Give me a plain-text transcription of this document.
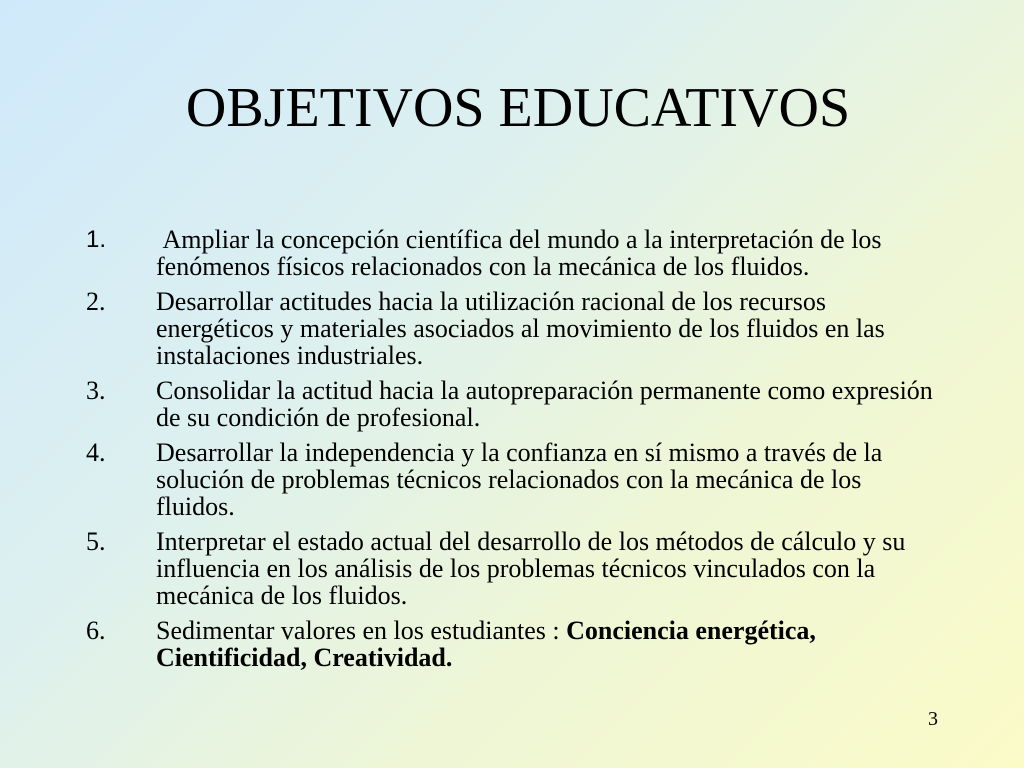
OBJETIVOS EDUCATIVOS
1. Ampliar la concepción científica del mundo a la interpretación de los fenómenos físicos relacionados con la mecánica de los fluidos.
2. Desarrollar actitudes hacia la utilización racional de los recursos energéticos y materiales asociados al movimiento de los fluidos en las instalaciones industriales.
3. Consolidar la actitud hacia la autopreparación permanente como expresión de su condición de profesional.
4. Desarrollar la independencia y la confianza en sí mismo a través de la solución de problemas técnicos relacionados con la mecánica de los fluidos.
5. Interpretar el estado actual del desarrollo de los métodos de cálculo y su influencia en los análisis de los problemas técnicos vinculados con la mecánica de los fluidos.
6. Sedimentar valores en los estudiantes : Conciencia energética, Cientificidad, Creatividad.
3
